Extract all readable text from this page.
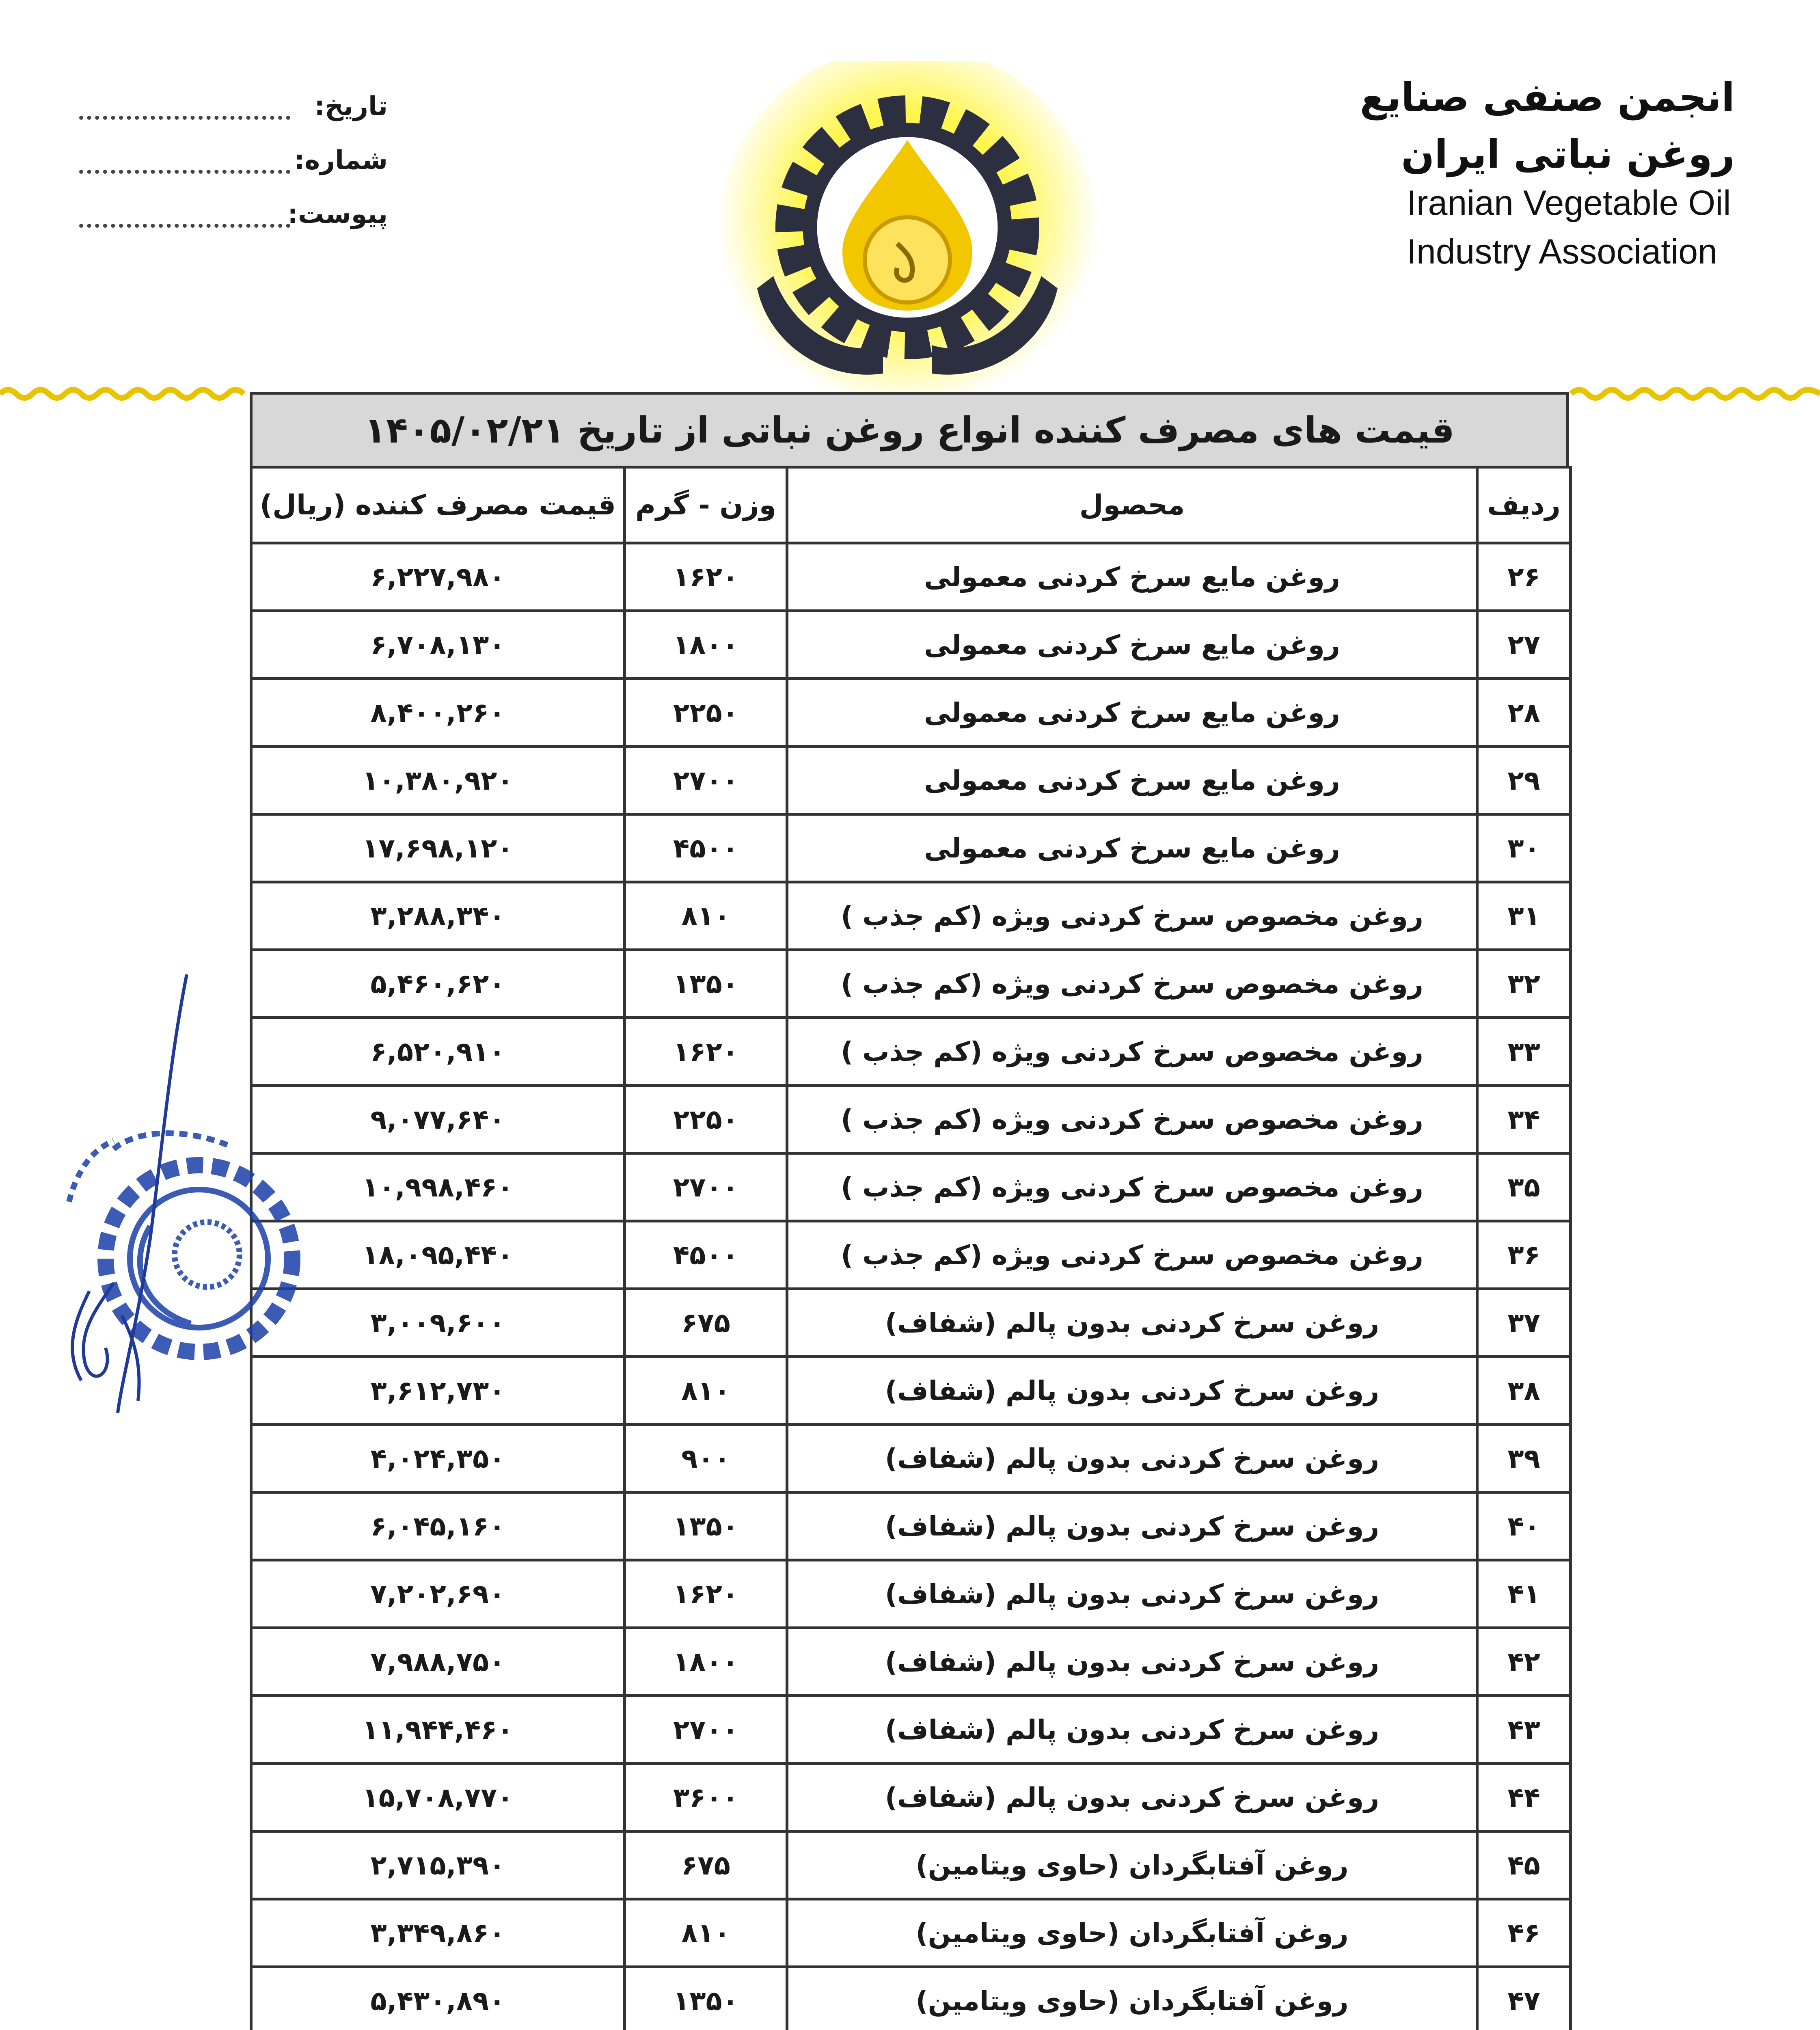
انجمن صنفی صنایع
روغن نباتی ایران
Iranian Vegetable Oil
Industry Association
تاریخ:
شماره:
پیوست:
قیمت های مصرف کننده انواع روغن نباتی از تاریخ ۱۴۰۵/۰۲/۲۱
ردیف	محصول	وزن - گرم	قیمت مصرف کننده (ریال)
۲۶	روغن مایع سرخ کردنی معمولی	۱۶۲۰	۶,۲۲۷,۹۸۰
۲۷	روغن مایع سرخ کردنی معمولی	۱۸۰۰	۶,۷۰۸,۱۳۰
۲۸	روغن مایع سرخ کردنی معمولی	۲۲۵۰	۸,۴۰۰,۲۶۰
۲۹	روغن مایع سرخ کردنی معمولی	۲۷۰۰	۱۰,۳۸۰,۹۲۰
۳۰	روغن مایع سرخ کردنی معمولی	۴۵۰۰	۱۷,۶۹۸,۱۲۰
۳۱	روغن مخصوص سرخ کردنی ویژه (کم جذب )	۸۱۰	۳,۲۸۸,۳۴۰
۳۲	روغن مخصوص سرخ کردنی ویژه (کم جذب )	۱۳۵۰	۵,۴۶۰,۶۲۰
۳۳	روغن مخصوص سرخ کردنی ویژه (کم جذب )	۱۶۲۰	۶,۵۲۰,۹۱۰
۳۴	روغن مخصوص سرخ کردنی ویژه (کم جذب )	۲۲۵۰	۹,۰۷۷,۶۴۰
۳۵	روغن مخصوص سرخ کردنی ویژه (کم جذب )	۲۷۰۰	۱۰,۹۹۸,۴۶۰
۳۶	روغن مخصوص سرخ کردنی ویژه (کم جذب )	۴۵۰۰	۱۸,۰۹۵,۴۴۰
۳۷	روغن سرخ کردنی بدون پالم (شفاف)	۶۷۵	۳,۰۰۹,۶۰۰
۳۸	روغن سرخ کردنی بدون پالم (شفاف)	۸۱۰	۳,۶۱۲,۷۳۰
۳۹	روغن سرخ کردنی بدون پالم (شفاف)	۹۰۰	۴,۰۲۴,۳۵۰
۴۰	روغن سرخ کردنی بدون پالم (شفاف)	۱۳۵۰	۶,۰۴۵,۱۶۰
۴۱	روغن سرخ کردنی بدون پالم (شفاف)	۱۶۲۰	۷,۲۰۲,۶۹۰
۴۲	روغن سرخ کردنی بدون پالم (شفاف)	۱۸۰۰	۷,۹۸۸,۷۵۰
۴۳	روغن سرخ کردنی بدون پالم (شفاف)	۲۷۰۰	۱۱,۹۴۴,۴۶۰
۴۴	روغن سرخ کردنی بدون پالم (شفاف)	۳۶۰۰	۱۵,۷۰۸,۷۷۰
۴۵	روغن آفتابگردان (حاوی ویتامین)	۶۷۵	۲,۷۱۵,۳۹۰
۴۶	روغن آفتابگردان (حاوی ویتامین)	۸۱۰	۳,۳۴۹,۸۶۰
۴۷	روغن آفتابگردان (حاوی ویتامین)	۱۳۵۰	۵,۴۳۰,۸۹۰
